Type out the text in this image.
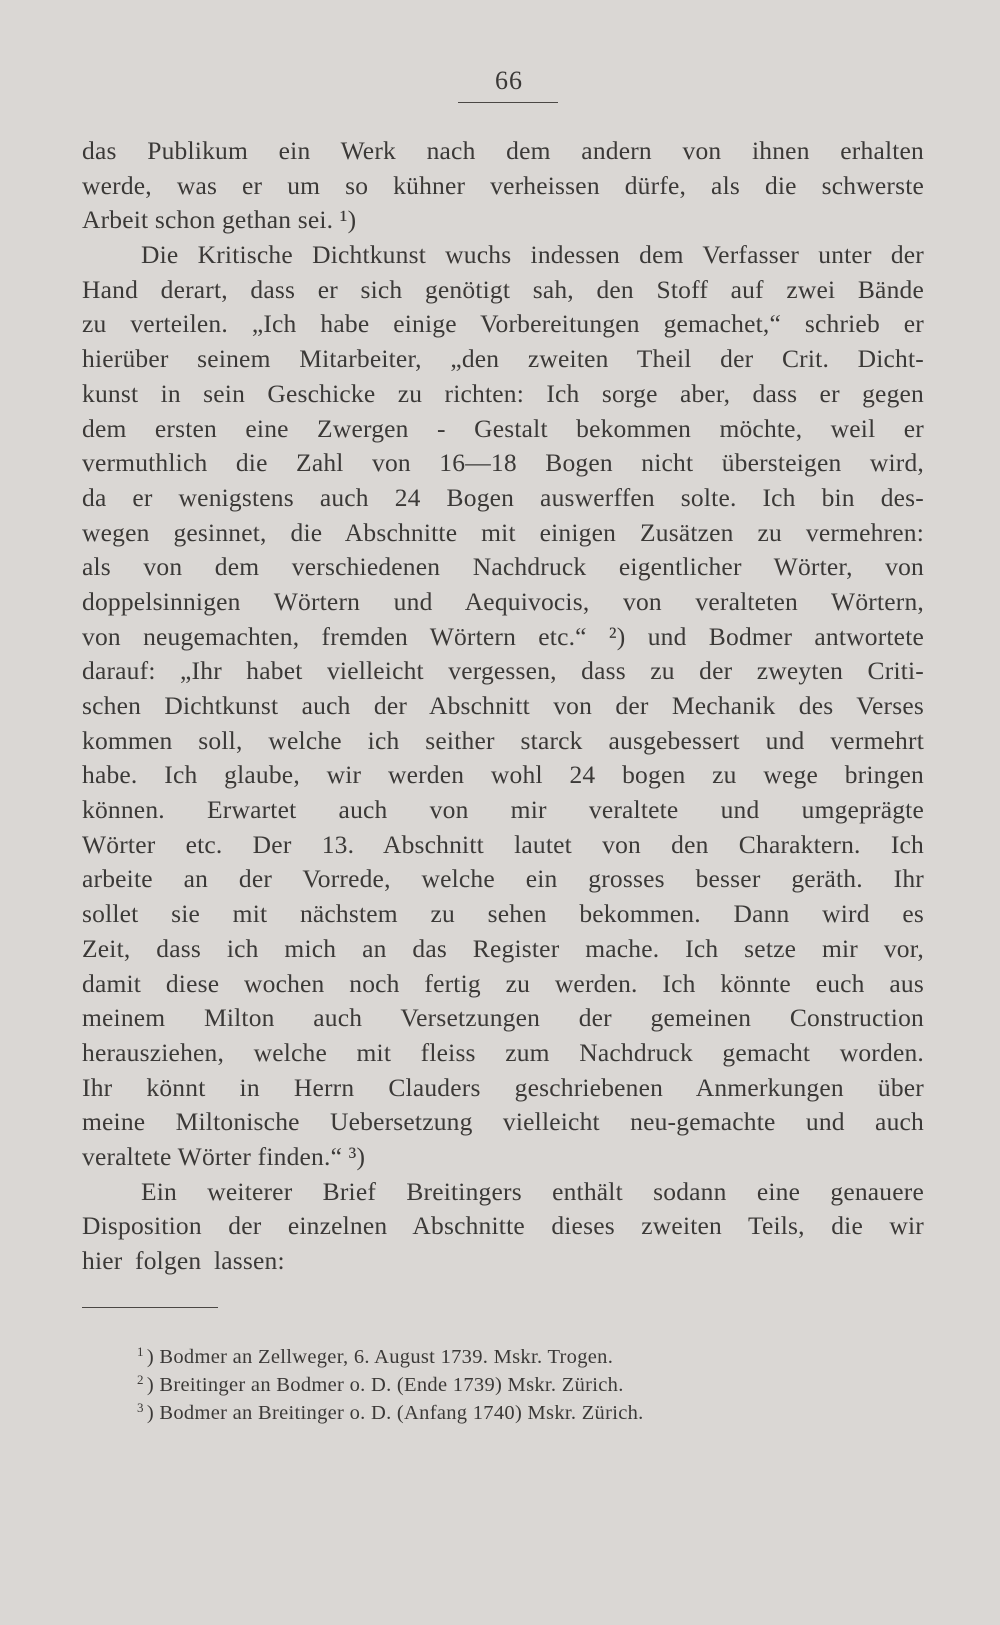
66
das Publikum ein Werk nach dem andern von ihnen erhalten
werde, was er um so kühner verheissen dürfe, als die schwerste
Arbeit schon gethan sei. ¹)
Die Kritische Dichtkunst wuchs indessen dem Verfasser unter der
Hand derart, dass er sich genötigt sah, den Stoff auf zwei Bände
zu verteilen. „Ich habe einige Vorbereitungen gemachet,“ schrieb er
hierüber seinem Mitarbeiter, „den zweiten Theil der Crit. Dicht-
kunst in sein Geschicke zu richten: Ich sorge aber, dass er gegen
dem ersten eine Zwergen - Gestalt bekommen möchte, weil er
vermuthlich die Zahl von 16—18 Bogen nicht übersteigen wird,
da er wenigstens auch 24 Bogen auswerffen solte. Ich bin des-
wegen gesinnet, die Abschnitte mit einigen Zusätzen zu vermehren:
als von dem verschiedenen Nachdruck eigentlicher Wörter, von
doppelsinnigen Wörtern und Aequivocis, von veralteten Wörtern,
von neugemachten, fremden Wörtern etc.“ ²) und Bodmer antwortete
darauf: „Ihr habet vielleicht vergessen, dass zu der zweyten Criti-
schen Dichtkunst auch der Abschnitt von der Mechanik des Verses
kommen soll, welche ich seither starck ausgebessert und vermehrt
habe. Ich glaube, wir werden wohl 24 bogen zu wege bringen
können. Erwartet auch von mir veraltete und umgeprägte
Wörter etc. Der 13. Abschnitt lautet von den Charaktern. Ich
arbeite an der Vorrede, welche ein grosses besser geräth. Ihr
sollet sie mit nächstem zu sehen bekommen. Dann wird es
Zeit, dass ich mich an das Register mache. Ich setze mir vor,
damit diese wochen noch fertig zu werden. Ich könnte euch aus
meinem Milton auch Versetzungen der gemeinen Construction
herausziehen, welche mit fleiss zum Nachdruck gemacht worden.
Ihr könnt in Herrn Clauders geschriebenen Anmerkungen über
meine Miltonische Uebersetzung vielleicht neu-gemachte und auch
veraltete Wörter finden.“ ³)
Ein weiterer Brief Breitingers enthält sodann eine genauere
Disposition der einzelnen Abschnitte dieses zweiten Teils, die wir
hier folgen lassen:
$^1$ ) Bodmer an Zellweger, 6. August 1739. Mskr. Trogen.
$^2$ ) Breitinger an Bodmer o. D. (Ende 1739) Mskr. Zürich.
$^3$ ) Bodmer an Breitinger o. D. (Anfang 1740) Mskr. Zürich.
